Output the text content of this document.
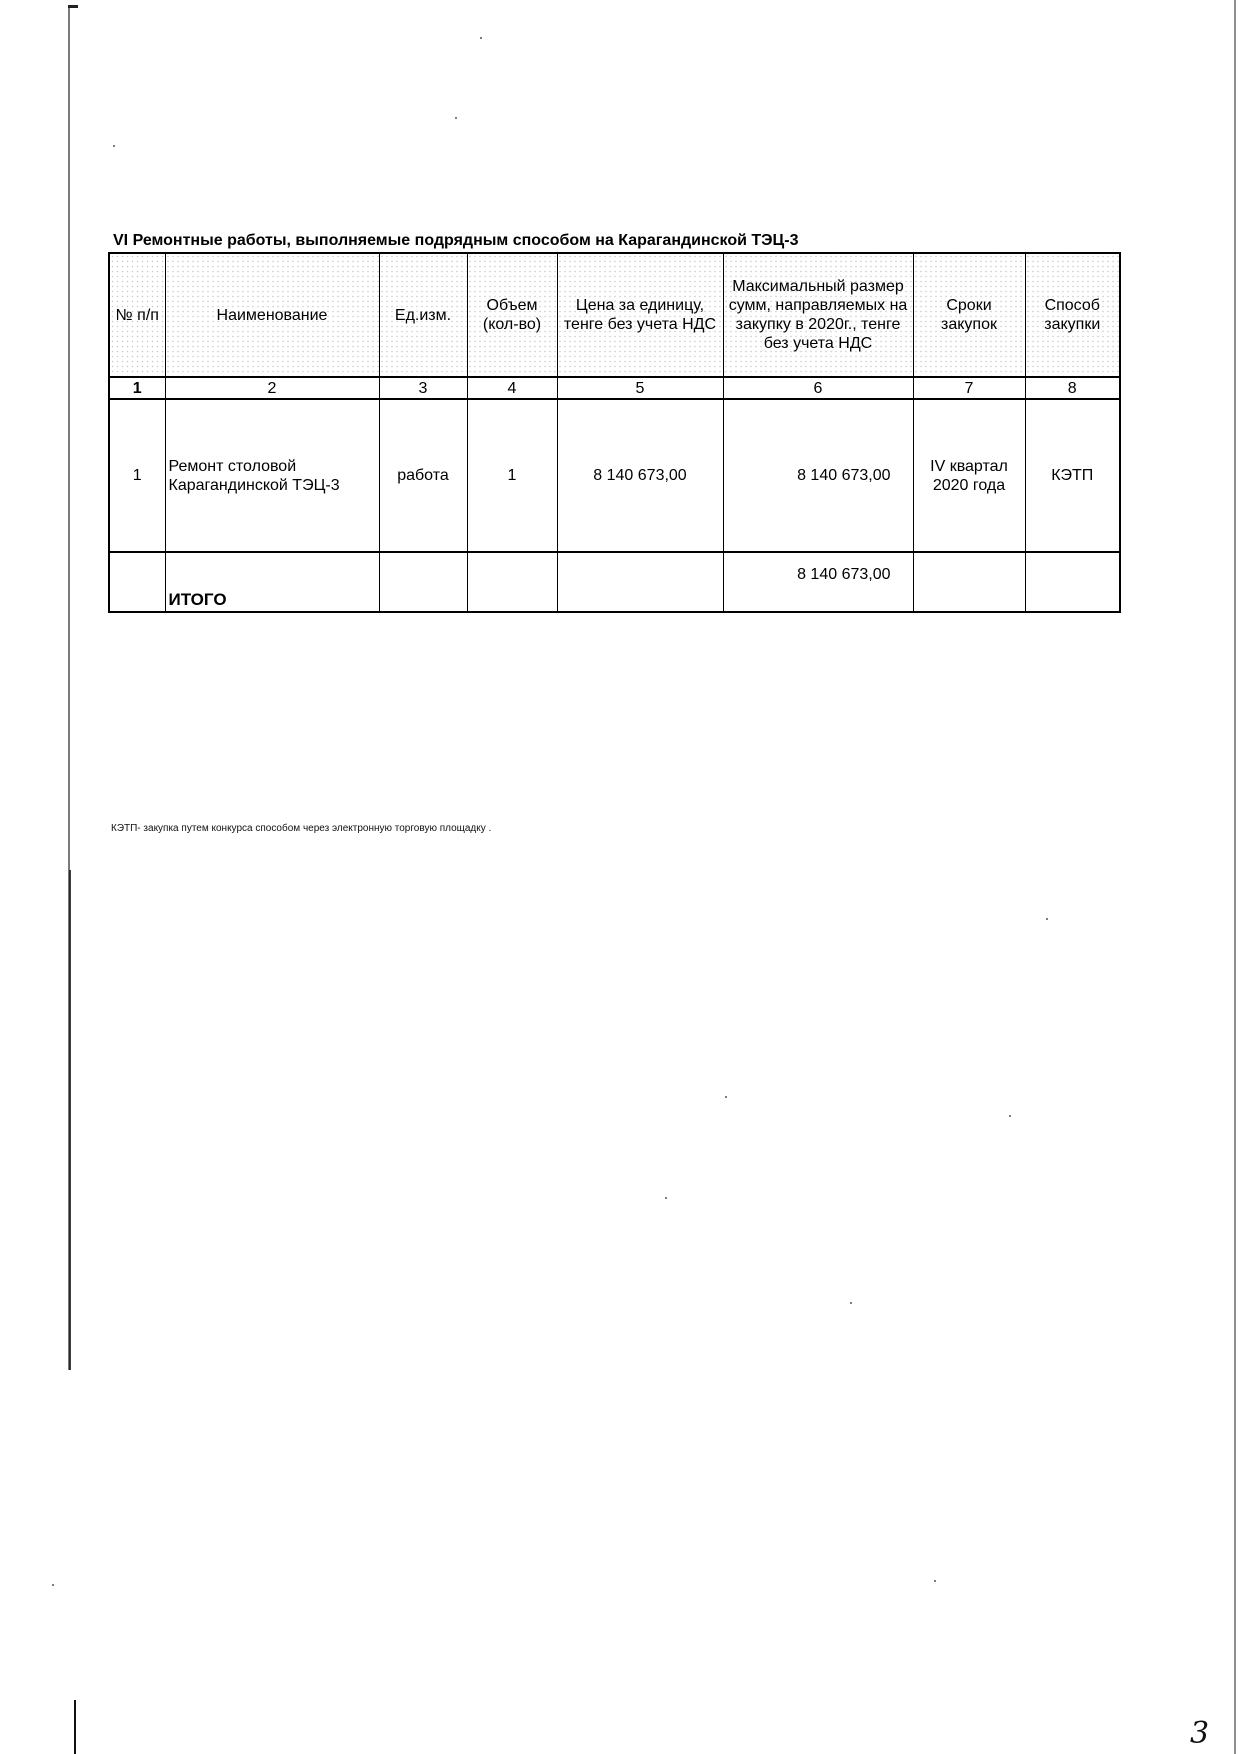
VI Ремонтные работы, выполняемые подрядным способом на Карагандинской ТЭЦ-3
№ п/п	Наименование	Ед.изм.	Объем (кол-во)	Цена за единицу, тенге без учета НДС	Максимальный размер сумм, направляемых на закупку в 2020г., тенге без учета НДС	Сроки закупок	Способ закупки
1	2	3	4	5	6	7	8
1	Ремонт столовой Карагандинской ТЭЦ-3	работа	1	8 140 673,00	8 140 673,00	IV квартал 2020 года	КЭТП
	ИТОГО				8 140 673,00		
КЭТП- закупка путем конкурса способом через электронную торговую площадку .
3
